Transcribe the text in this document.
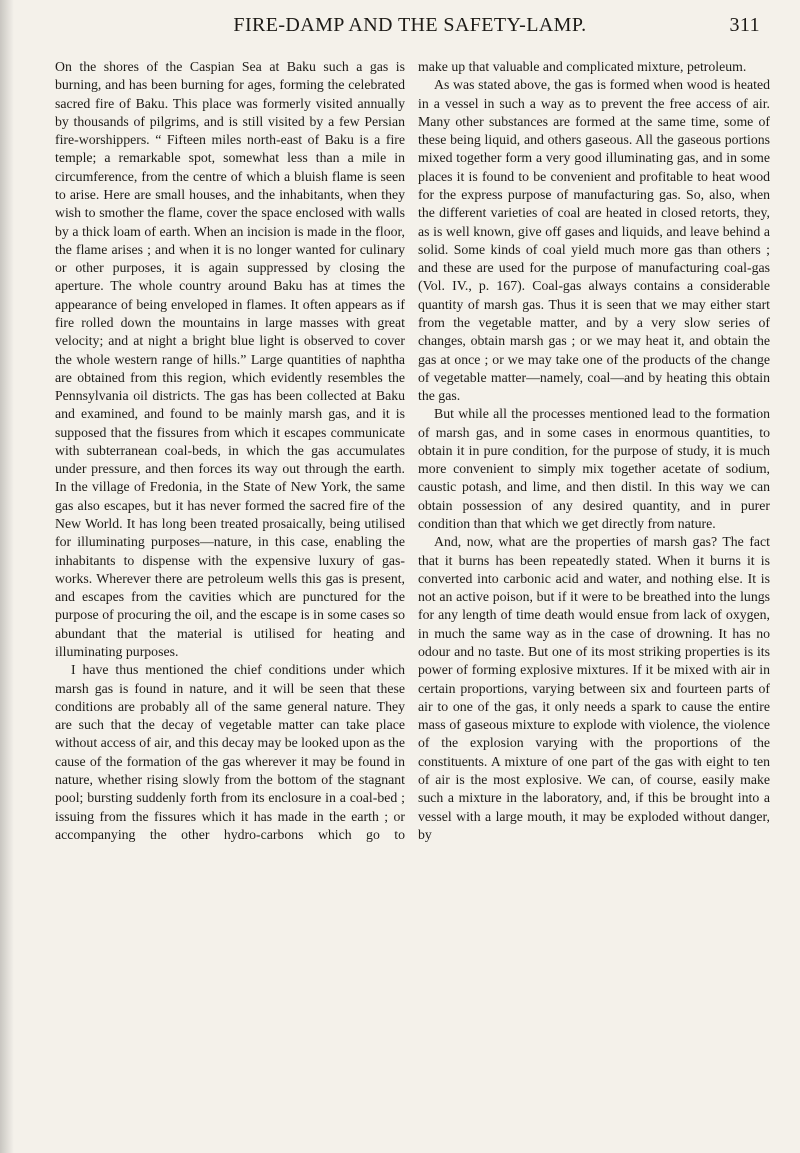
FIRE-DAMP AND THE SAFETY-LAMP.	311

On the shores of the Caspian Sea at Baku such a gas is burning, and has been burning for ages, forming the celebrated sacred fire of Baku. This place was formerly visited annually by thousands of pilgrims, and is still visited by a few Persian fire-worshippers. “ Fifteen miles north-east of Baku is a fire temple; a remarkable spot, somewhat less than a mile in circumference, from the centre of which a bluish flame is seen to arise. Here are small houses, and the inhabitants, when they wish to smother the flame, cover the space enclosed with walls by a thick loam of earth. When an incision is made in the floor, the flame arises ; and when it is no longer wanted for culinary or other purposes, it is again suppressed by closing the aperture. The whole country around Baku has at times the appearance of being enveloped in flames. It often appears as if fire rolled down the mountains in large masses with great velocity; and at night a bright blue light is observed to cover the whole western range of hills.” Large quantities of naphtha are obtained from this region, which evidently resembles the Pennsylvania oil districts. The gas has been collected at Baku and examined, and found to be mainly marsh gas, and it is supposed that the fissures from which it escapes communicate with subterranean coal-beds, in which the gas accumulates under pressure, and then forces its way out through the earth. In the village of Fredonia, in the State of New York, the same gas also escapes, but it has never formed the sacred fire of the New World. It has long been treated prosaically, being utilised for illuminating purposes—nature, in this case, enabling the inhabitants to dispense with the expensive luxury of gas-works. Wherever there are petroleum wells this gas is present, and escapes from the cavities which are punctured for the purpose of procuring the oil, and the escape is in some cases so abundant that the material is utilised for heating and illuminating purposes.

I have thus mentioned the chief conditions under which marsh gas is found in nature, and it will be seen that these conditions are probably all of the same general nature. They are such that the decay of vegetable matter can take place without access of air, and this decay may be looked upon as the cause of the formation of the gas wherever it may be found in nature, whether rising slowly from the bottom of the stagnant pool; bursting suddenly forth from its enclosure in a coal-bed ; issuing from the fissures which it has made in the earth ; or accompanying the other hydro-carbons which go to

make up that valuable and complicated mixture, petroleum.

As was stated above, the gas is formed when wood is heated in a vessel in such a way as to prevent the free access of air. Many other substances are formed at the same time, some of these being liquid, and others gaseous. All the gaseous portions mixed together form a very good illuminating gas, and in some places it is found to be convenient and profitable to heat wood for the express purpose of manufacturing gas. So, also, when the different varieties of coal are heated in closed retorts, they, as is well known, give off gases and liquids, and leave behind a solid. Some kinds of coal yield much more gas than others ; and these are used for the purpose of manufacturing coal-gas (Vol. IV., p. 167). Coal-gas always contains a considerable quantity of marsh gas. Thus it is seen that we may either start from the vegetable matter, and by a very slow series of changes, obtain marsh gas ; or we may heat it, and obtain the gas at once ; or we may take one of the products of the change of vegetable matter—namely, coal—and by heating this obtain the gas.

But while all the processes mentioned lead to the formation of marsh gas, and in some cases in enormous quantities, to obtain it in pure condition, for the purpose of study, it is much more convenient to simply mix together acetate of sodium, caustic potash, and lime, and then distil. In this way we can obtain possession of any desired quantity, and in purer condition than that which we get directly from nature.

And, now, what are the properties of marsh gas? The fact that it burns has been repeatedly stated. When it burns it is converted into carbonic acid and water, and nothing else. It is not an active poison, but if it were to be breathed into the lungs for any length of time death would ensue from lack of oxygen, in much the same way as in the case of drowning. It has no odour and no taste. But one of its most striking properties is its power of forming explosive mixtures. If it be mixed with air in certain proportions, varying between six and fourteen parts of air to one of the gas, it only needs a spark to cause the entire mass of gaseous mixture to explode with violence, the violence of the explosion varying with the proportions of the constituents. A mixture of one part of the gas with eight to ten of air is the most explosive. We can, of course, easily make such a mixture in the laboratory, and, if this be brought into a vessel with a large mouth, it may be exploded without danger, by
